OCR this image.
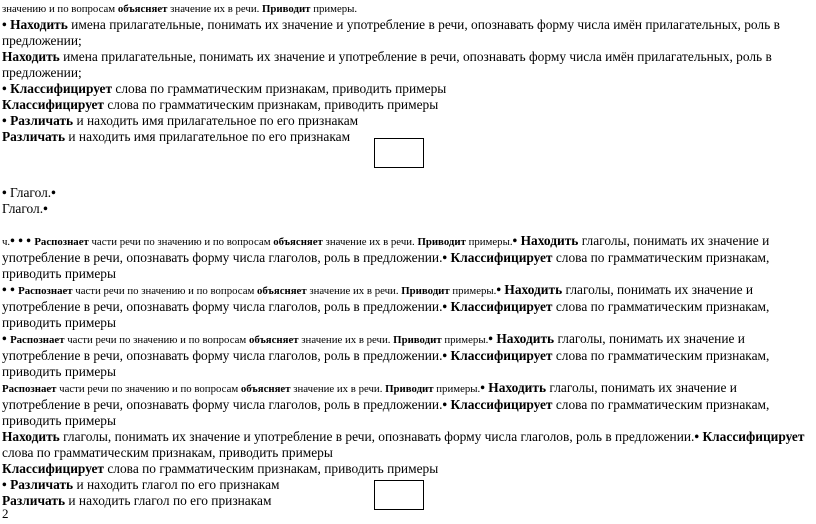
значению и по вопросам объясняет значение их в речи. Приводит примеры.

• Находить имена прилагательные, понимать их значение и употребление в речи, опознавать форму числа имён прилагательных, роль в предложении;

Находить имена прилагательные, понимать их значение и употребление в речи, опознавать форму числа имён прилагательных, роль в предложении;

• Классифицирует слова по грамматическим признакам, приводить примеры

Классифицирует слова по грамматическим признакам, приводить примеры

• Различать и находить имя прилагательное по его признакам

Различать и находить имя прилагательное по его признакам

• Глагол.•

Глагол.•

ч.• • • Распознает части речи по значению и по вопросам объясняет значение их в речи. Приводит примеры.• Находить глаголы, понимать их значение и употребление в речи, опознавать форму числа глаголов, роль в предложении.• Классифицирует слова по грамматическим признакам, приводить примеры

• • Распознает части речи по значению и по вопросам объясняет значение их в речи. Приводит примеры.• Находить глаголы, понимать их значение и употребление в речи, опознавать форму числа глаголов, роль в предложении.• Классифицирует слова по грамматическим признакам, приводить примеры

• Распознает части речи по значению и по вопросам объясняет значение их в речи. Приводит примеры.• Находить глаголы, понимать их значение и употребление в речи, опознавать форму числа глаголов, роль в предложении.• Классифицирует слова по грамматическим признакам, приводить примеры

Распознает части речи по значению и по вопросам объясняет значение их в речи. Приводит примеры.• Находить глаголы, понимать их значение и употребление в речи, опознавать форму числа глаголов, роль в предложении.• Классифицирует слова по грамматическим признакам, приводить примеры

Находить глаголы, понимать их значение и употребление в речи, опознавать форму числа глаголов, роль в предложении.• Классифицирует слова по грамматическим признакам, приводить примеры

Классифицирует слова по грамматическим признакам, приводить примеры

• Различать и находить глагол по его признакам

Различать и находить глагол по его признакам

2
